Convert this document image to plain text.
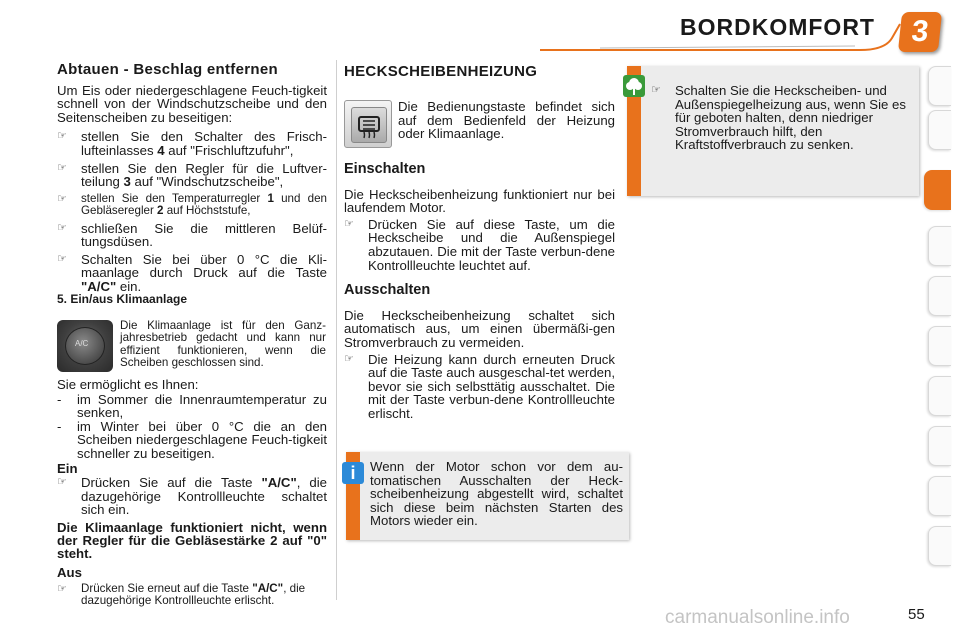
BORDKOMFORT	3
Abtauen - Beschlag entfernen

Um Eis oder niedergeschlagene Feuch-tigkeit schnell von der Windschutzscheibe und den Seitenscheiben zu beseitigen:

☞	stellen Sie den Schalter des Frisch-lufteinlasses 4 auf "Frischluftzufuhr",
☞	stellen Sie den Regler für die Luftver-teilung 3 auf "Windschutzscheibe",
☞	stellen Sie den Temperaturregler 1 und den Gebläseregler 2 auf Höchststufe,
☞	schließen Sie die mittleren Belüf-tungsdüsen.
☞	Schalten Sie bei über 0 °C die Kli-maanlage durch Druck auf die Taste "A/C" ein.
5. Ein/aus Klimaanlage
A/C
Die Klimaanlage ist für den Ganz-jahresbetrieb gedacht und kann nur effizient funktionieren, wenn die Scheiben geschlossen sind.

Sie ermöglicht es Ihnen:

-	im Sommer die Innenraumtemperatur zu senken,
-	im Winter bei über 0 °C die an den Scheiben niedergeschlagene Feuch-tigkeit schneller zu beseitigen.

Ein

☞	Drücken Sie auf die Taste "A/C", die dazugehörige Kontrollleuchte schaltet sich ein.

Die Klimaanlage funktioniert nicht, wenn der Regler für die Gebläsestärke 2 auf "0" steht.

Aus

☞	Drücken Sie erneut auf die Taste "A/C", die dazugehörige Kontrollleuchte erlischt.
HECKSCHEIBENHEIZUNG
Die Bedienungstaste befindet sich auf dem Bedienfeld der Heizung oder Klimaanlage.
Einschalten

Die Heckscheibenheizung funktioniert nur bei laufendem Motor.

☞	Drücken Sie auf diese Taste, um die Heckscheibe und die Außenspiegel abzutauen. Die mit der Taste verbun-dene Kontrollleuchte leuchtet auf.
Ausschalten

Die Heckscheibenheizung schaltet sich automatisch aus, um einen übermäßi-gen Stromverbrauch zu vermeiden.

☞	Die Heizung kann durch erneuten Druck auf die Taste auch ausgeschal-tet werden, bevor sie sich selbsttätig ausschaltet. Die mit der Taste verbun-dene Kontrollleuchte erlischt.
Wenn der Motor schon vor dem au-tomatischen Ausschalten der Heck-scheibenheizung abgestellt wird, schaltet sich diese beim nächsten Starten des Motors wieder ein.
i
☞	Schalten Sie die Heckscheiben- und Außenspiegelheizung aus, wenn Sie es für geboten halten, denn niedriger Stromverbrauch hilft, den Kraftstoffverbrauch zu senken.
carmanualsonline.info	55
